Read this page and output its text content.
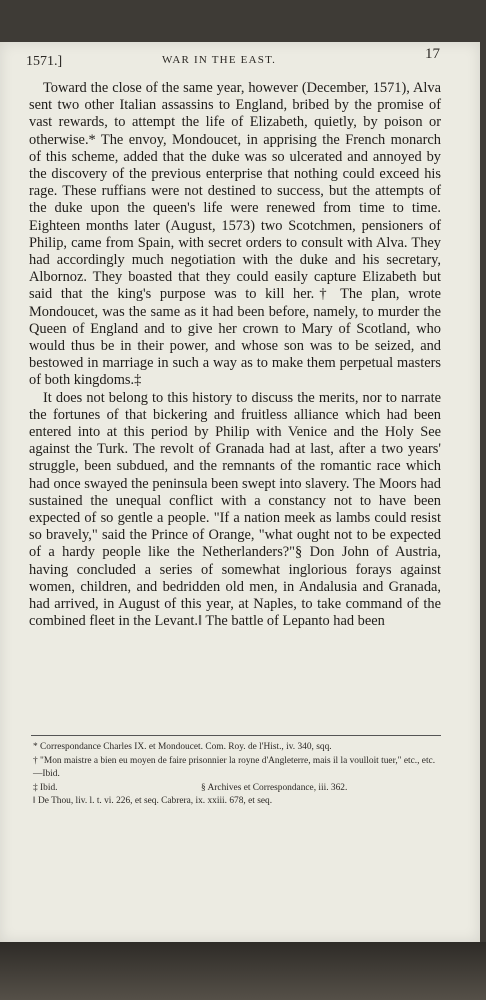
1571.]	WAR IN THE EAST.	17

Toward the close of the same year, however (December, 1571), Alva sent two other Italian assassins to England, bribed by the promise of vast rewards, to attempt the life of Elizabeth, quietly, by poison or otherwise.* The envoy, Mondoucet, in apprising the French monarch of this scheme, added that the duke was so ulcerated and annoyed by the discovery of the previous enterprise that nothing could exceed his rage. These ruffians were not destined to success, but the attempts of the duke upon the queen's life were renewed from time to time. Eighteen months later (August, 1573) two Scotchmen, pensioners of Philip, came from Spain, with secret orders to consult with Alva. They had accordingly much negotiation with the duke and his secretary, Albornoz. They boasted that they could easily capture Elizabeth but said that the king's purpose was to kill her.† The plan, wrote Mondoucet, was the same as it had been before, namely, to murder the Queen of England and to give her crown to Mary of Scotland, who would thus be in their power, and whose son was to be seized, and bestowed in marriage in such a way as to make them perpetual masters of both kingdoms.‡

It does not belong to this history to discuss the merits, nor to narrate the fortunes of that bickering and fruitless alliance which had been entered into at this period by Philip with Venice and the Holy See against the Turk. The revolt of Granada had at last, after a two years' struggle, been subdued, and the remnants of the romantic race which had once swayed the peninsula been swept into slavery. The Moors had sustained the unequal conflict with a constancy not to have been expected of so gentle a people. "If a nation meek as lambs could resist so bravely," said the Prince of Orange, "what ought not to be expected of a hardy people like the Netherlanders?"§ Don John of Austria, having concluded a series of somewhat inglorious forays against women, children, and bedridden old men, in Andalusia and Granada, had arrived, in August of this year, at Naples, to take command of the combined fleet in the Levant.‖ The battle of Lepanto had been

* Correspondance Charles IX. et Mondoucet. Com. Roy. de l'Hist., iv. 340, sqq.

† "Mon maistre a bien eu moyen de faire prisonnier la royne d'Angleterre, mais il la voulloit tuer," etc., etc.—Ibid.

‡ Ibid.	§ Archives et Correspondance, iii. 362.

‖ De Thou, liv. l. t. vi. 226, et seq. Cabrera, ix. xxiii. 678, et seq.
